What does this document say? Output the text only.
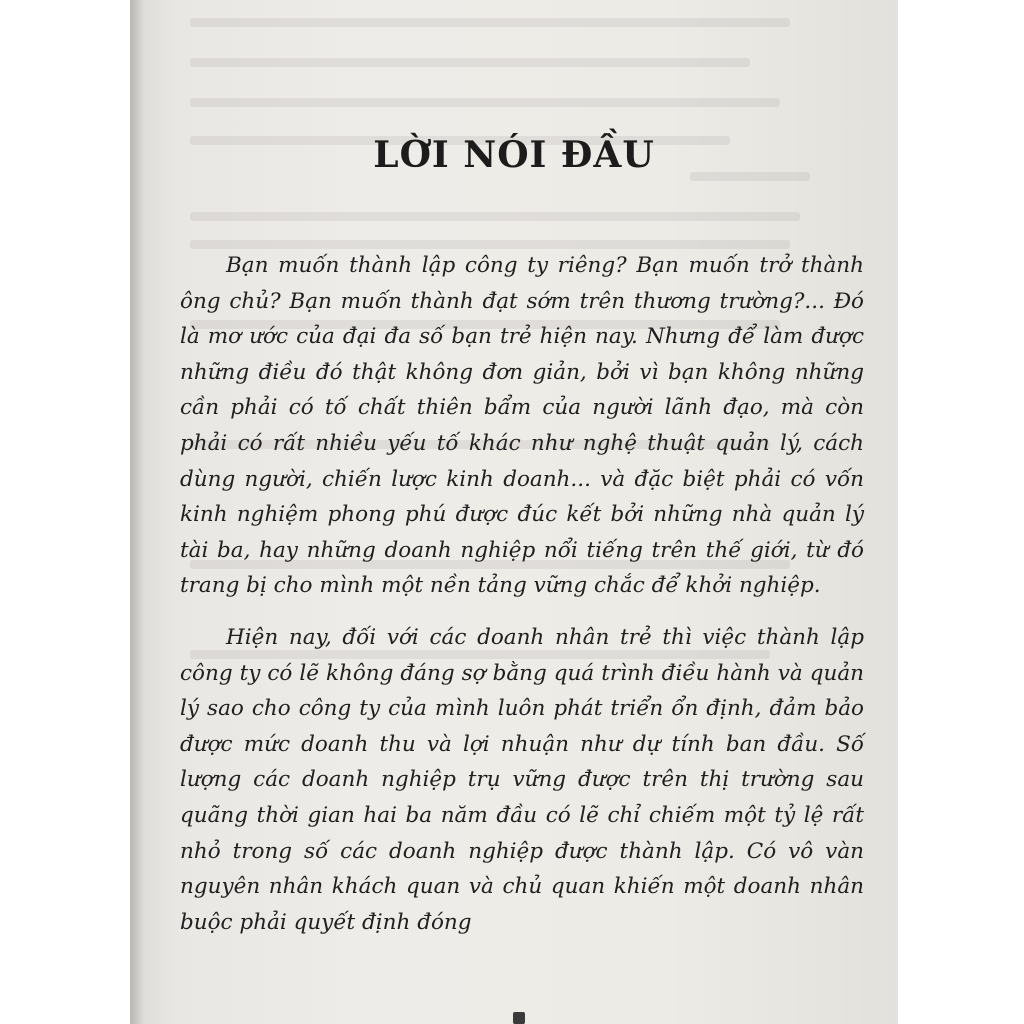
LỜI NÓI ĐẦU

Bạn muốn thành lập công ty riêng? Bạn muốn trở thành ông chủ? Bạn muốn thành đạt sớm trên thương trường?... Đó là mơ ước của đại đa số bạn trẻ hiện nay. Nhưng để làm được những điều đó thật không đơn giản, bởi vì bạn không những cần phải có tố chất thiên bẩm của người lãnh đạo, mà còn phải có rất nhiều yếu tố khác như nghệ thuật quản lý, cách dùng người, chiến lược kinh doanh... và đặc biệt phải có vốn kinh nghiệm phong phú được đúc kết bởi những nhà quản lý tài ba, hay những doanh nghiệp nổi tiếng trên thế giới, từ đó trang bị cho mình một nền tảng vững chắc để khởi nghiệp.

Hiện nay, đối với các doanh nhân trẻ thì việc thành lập công ty có lẽ không đáng sợ bằng quá trình điều hành và quản lý sao cho công ty của mình luôn phát triển ổn định, đảm bảo được mức doanh thu và lợi nhuận như dự tính ban đầu. Số lượng các doanh nghiệp trụ vững được trên thị trường sau quãng thời gian hai ba năm đầu có lẽ chỉ chiếm một tỷ lệ rất nhỏ trong số các doanh nghiệp được thành lập. Có vô vàn nguyên nhân khách quan và chủ quan khiến một doanh nhân buộc phải quyết định đóng
